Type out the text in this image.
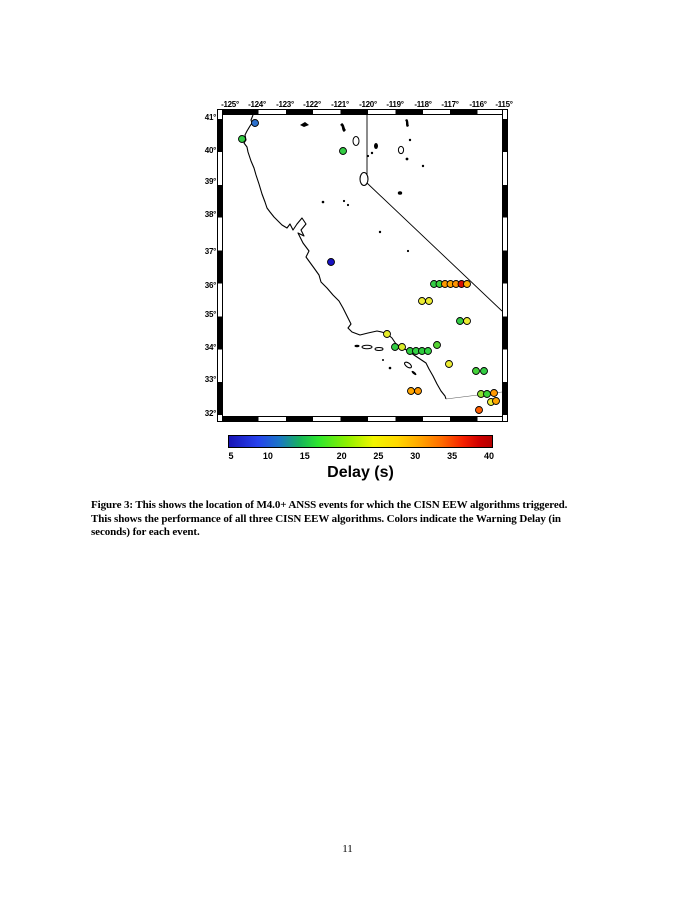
-125°	-124°	-123°	-122°	-121°	-120°	-119°	-118°	-117°	-116°	-115°
41°
40°
39°
38°
37°
36°
35°
34°
33°
32°
5	10	15	20	25	30	35	40
Delay (s)
Figure 3: This shows the location of M4.0+ ANSS events for which the CISN EEW algorithms triggered.
This shows the performance of all three CISN EEW algorithms. Colors indicate the Warning Delay (in
seconds) for each event.
11
